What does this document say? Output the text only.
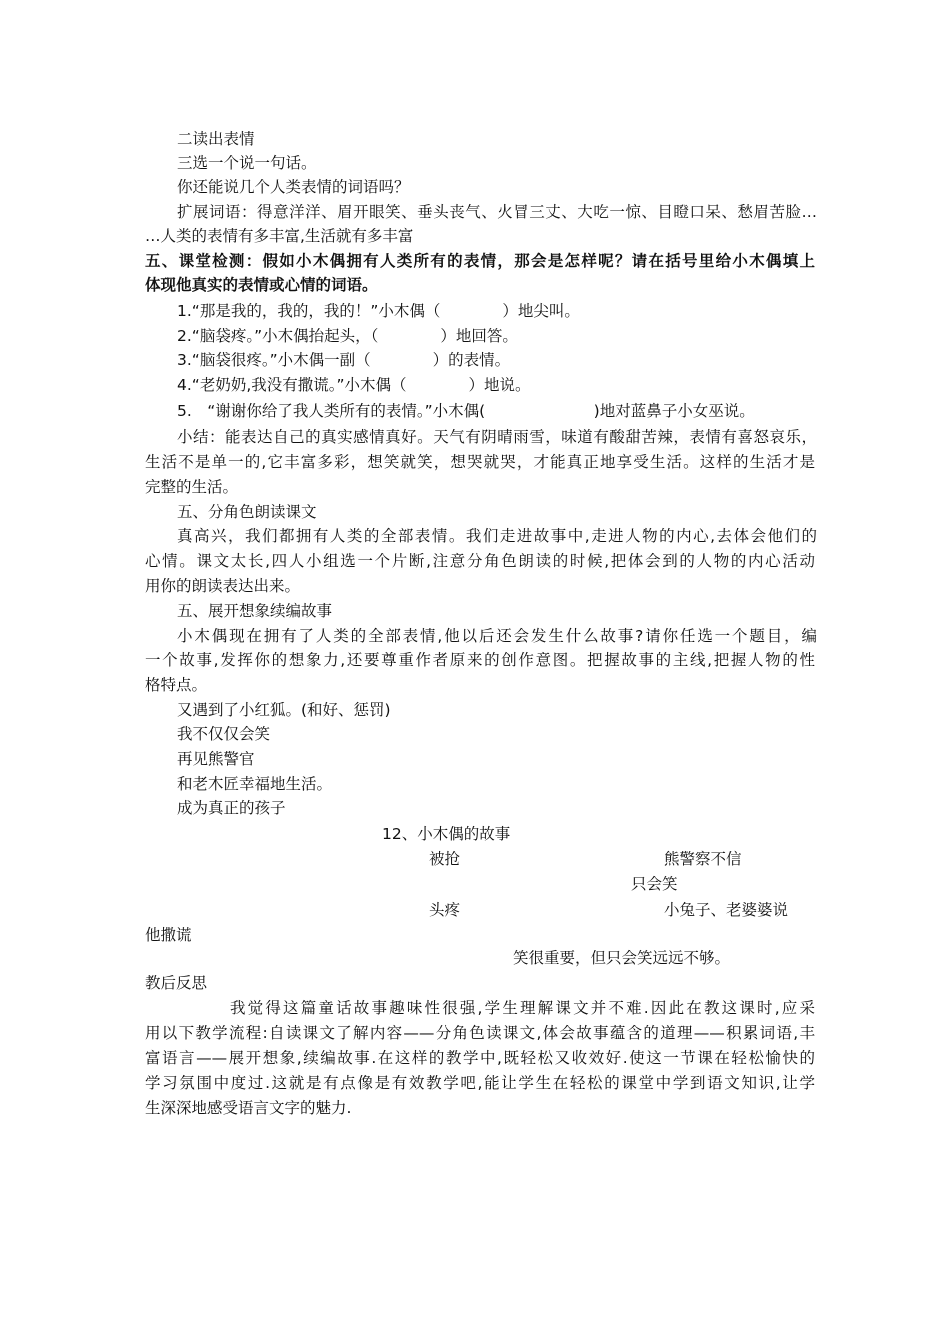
二读出表情
三选一个说一句话。
你还能说几个人类表情的词语吗？
扩展词语：得意洋洋、眉开眼笑、垂头丧气、火冒三丈、大吃一惊、目瞪口呆、愁眉苦脸…
…人类的表情有多丰富,生活就有多丰富
五、课堂检测：假如小木偶拥有人类所有的表情，那会是怎样呢？请在括号里给小木偶填上
体现他真实的表情或心情的词语。
1.“那是我的，我的，我的！”小木偶（　　　　）地尖叫。
2.“脑袋疼。”小木偶抬起头，（　　　　）地回答。
3.“脑袋很疼。”小木偶一副（　　　　）的表情。
4.“老奶奶,我没有撒谎。”小木偶（　　　　）地说。
5.　“谢谢你给了我人类所有的表情。”小木偶(　　　　　　　)地对蓝鼻子小女巫说。
小结：能表达自己的真实感情真好。天气有阴晴雨雪，味道有酸甜苦辣，表情有喜怒哀乐，
生活不是单一的,它丰富多彩，想笑就笑，想哭就哭，才能真正地享受生活。这样的生活才是
完整的生活。
五、分角色朗读课文
真高兴，我们都拥有人类的全部表情。我们走进故事中,走进人物的内心,去体会他们的
心情。课文太长,四人小组选一个片断,注意分角色朗读的时候,把体会到的人物的内心活动
用你的朗读表达出来。
五、展开想象续编故事
小木偶现在拥有了人类的全部表情,他以后还会发生什么故事?请你任选一个题目，编
一个故事,发挥你的想象力,还要尊重作者原来的创作意图。把握故事的主线,把握人物的性
格特点。
又遇到了小红狐。(和好、惩罚)
我不仅仅会笑
再见熊警官
和老木匠幸福地生活。
成为真正的孩子
12、小木偶的故事
被抢	熊警察不信
只会笑
头疼	小兔子、老婆婆说
他撒谎
笑很重要，但只会笑远远不够。
教后反思
我觉得这篇童话故事趣味性很强,学生理解课文并不难.因此在教这课时,应采
用以下教学流程:自读课文了解内容——分角色读课文,体会故事蕴含的道理——积累词语,丰
富语言——展开想象,续编故事.在这样的教学中,既轻松又收效好.使这一节课在轻松愉快的
学习氛围中度过.这就是有点像是有效教学吧,能让学生在轻松的课堂中学到语文知识,让学
生深深地感受语言文字的魅力.
